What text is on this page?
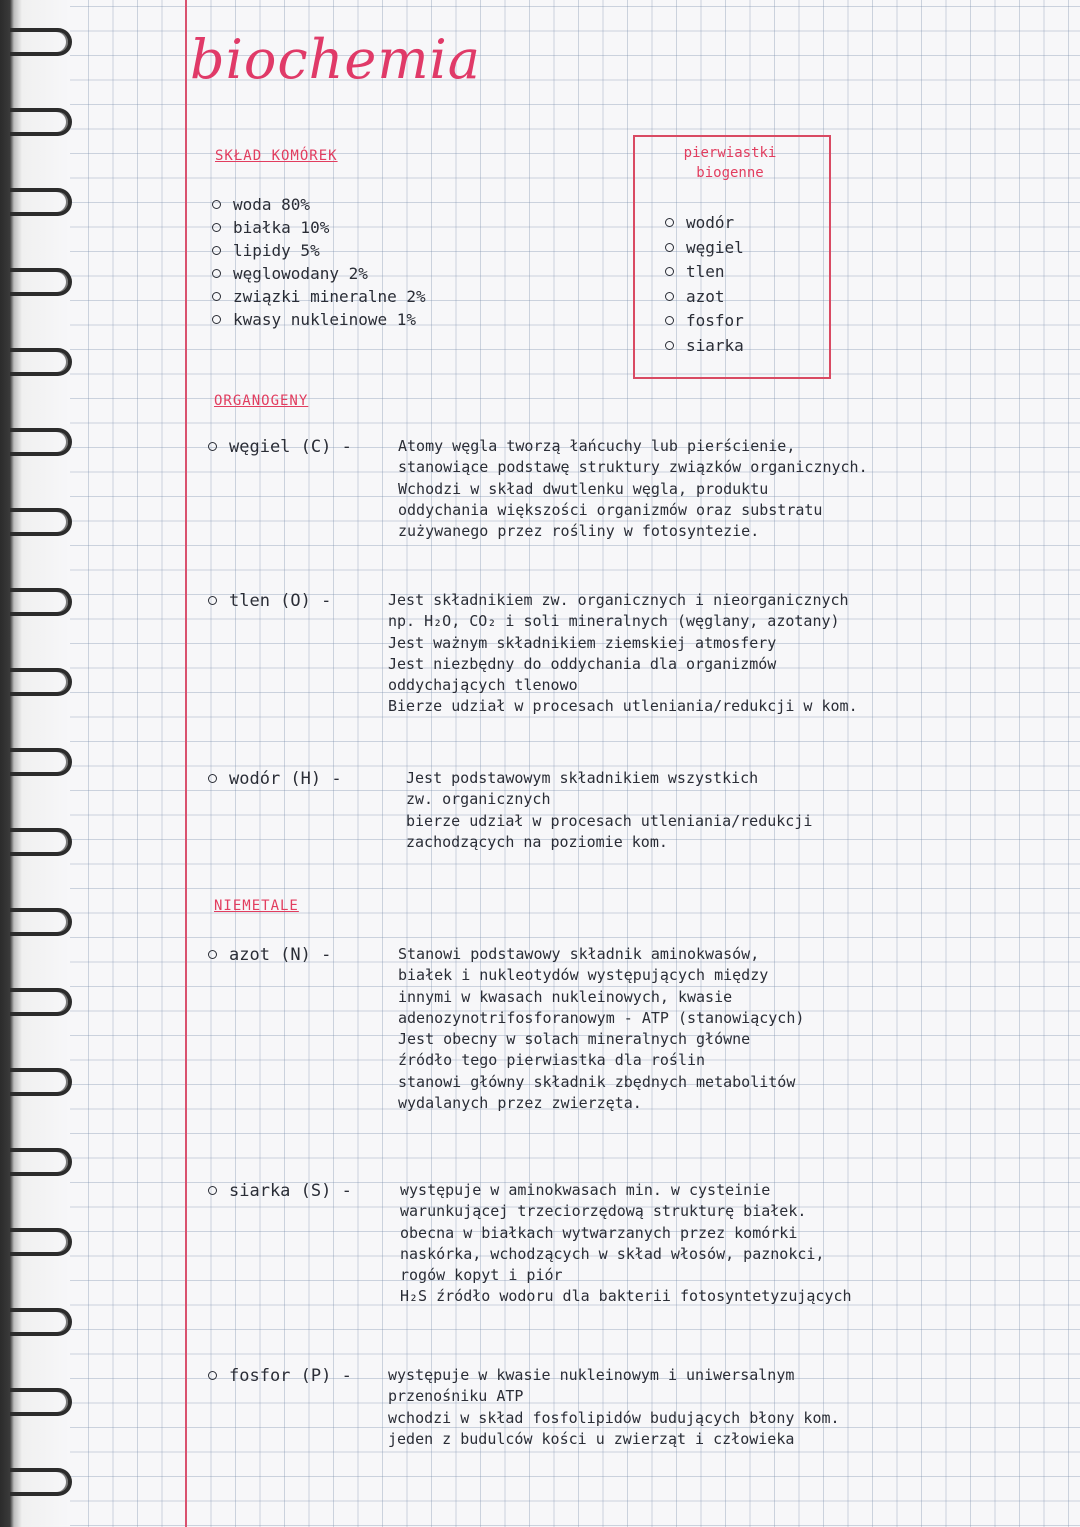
biochemia
SKŁAD KOMÓREK
woda 80%
białka 10%
lipidy 5%
węglowodany 2%
związki mineralne 2%
kwasy nukleinowe 1%
pierwiastki biogenne
wodór
węgiel
tlen
azot
fosfor
siarka
ORGANOGENY
węgiel (C) -	Atomy węgla tworzą łańcuchy lub pierścienie,
stanowiące podstawę struktury związków organicznych.
Wchodzi w skład dwutlenku węgla, produktu
oddychania większości organizmów oraz substratu
zużywanego przez rośliny w fotosyntezie.
tlen (O) -	Jest składnikiem zw. organicznych i nieorganicznych
np. H₂O, CO₂ i soli mineralnych (węglany, azotany)
Jest ważnym składnikiem ziemskiej atmosfery
Jest niezbędny do oddychania dla organizmów
oddychających tlenowo
Bierze udział w procesach utleniania/redukcji w kom.
wodór (H) -	Jest podstawowym składnikiem wszystkich
zw. organicznych
bierze udział w procesach utleniania/redukcji
zachodzących na poziomie kom.
NIEMETALE
azot (N) -	Stanowi podstawowy składnik aminokwasów,
białek i nukleotydów występujących między
innymi w kwasach nukleinowych, kwasie
adenozynotrifosforanowym - ATP (stanowiących)
Jest obecny w solach mineralnych główne
źródło tego pierwiastka dla roślin
stanowi główny składnik zbędnych metabolitów
wydalanych przez zwierzęta.
siarka (S) -	występuje w aminokwasach min. w cysteinie
warunkującej trzeciorzędową strukturę białek.
obecna w białkach wytwarzanych przez komórki
naskórka, wchodzących w skład włosów, paznokci,
rogów kopyt i piór
H₂S źródło wodoru dla bakterii fotosyntetyzujących
fosfor (P) - występuje w kwasie nukleinowym i uniwersalnym
przenośniku ATP
wchodzi w skład fosfolipidów budujących błony kom.
jeden z budulców kości u zwierząt i człowieka
